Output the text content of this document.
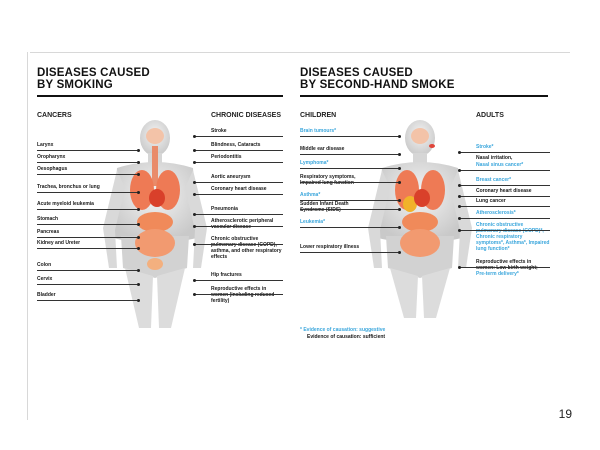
DISEASES CAUSED
BY SMOKING
CANCERS	CHRONIC DISEASES
Larynx
Oropharynx
Oesophagus
Trachea, bronchus or lung
Acute myeloid leukemia
Stomach
Pancreas
Kidney and Ureter
Colon
Cervix
Bladder
Stroke
Blindness, Cataracts
Periodontitis
Aortic aneurysm
Coronary heart disease
Pneumonia
Atherosclerotic peripheral vascular disease
Chronic obstructive pulmonary disease (COPD), asthma, and other respiratory effects
Hip fractures
Reproductive effects in women (including reduced fertility)
DISEASES CAUSED
BY SECOND-HAND SMOKE
CHILDREN	ADULTS
Brain tumours*
Middle ear disease
Lymphoma*
Respiratory symptoms, Impaired lung function
Asthma*
Sudden Infant Death Syndrome (SIDS)
Leukemia*
Lower respiratory illness
Stroke*
Nasal irritation,
Nasal sinus cancer*
Breast cancer*
Coronary heart disease
Lung cancer
Atherosclerosis*
Chronic obstructive pulmonary disease (COPD)*, Chronic respiratory symptoms*, Asthma*, Impaired lung function*
Reproductive effects in women: Low birth weight;
Pre-term delivery*
* Evidence of causation: suggestive
Evidence of causation: sufficient
19
